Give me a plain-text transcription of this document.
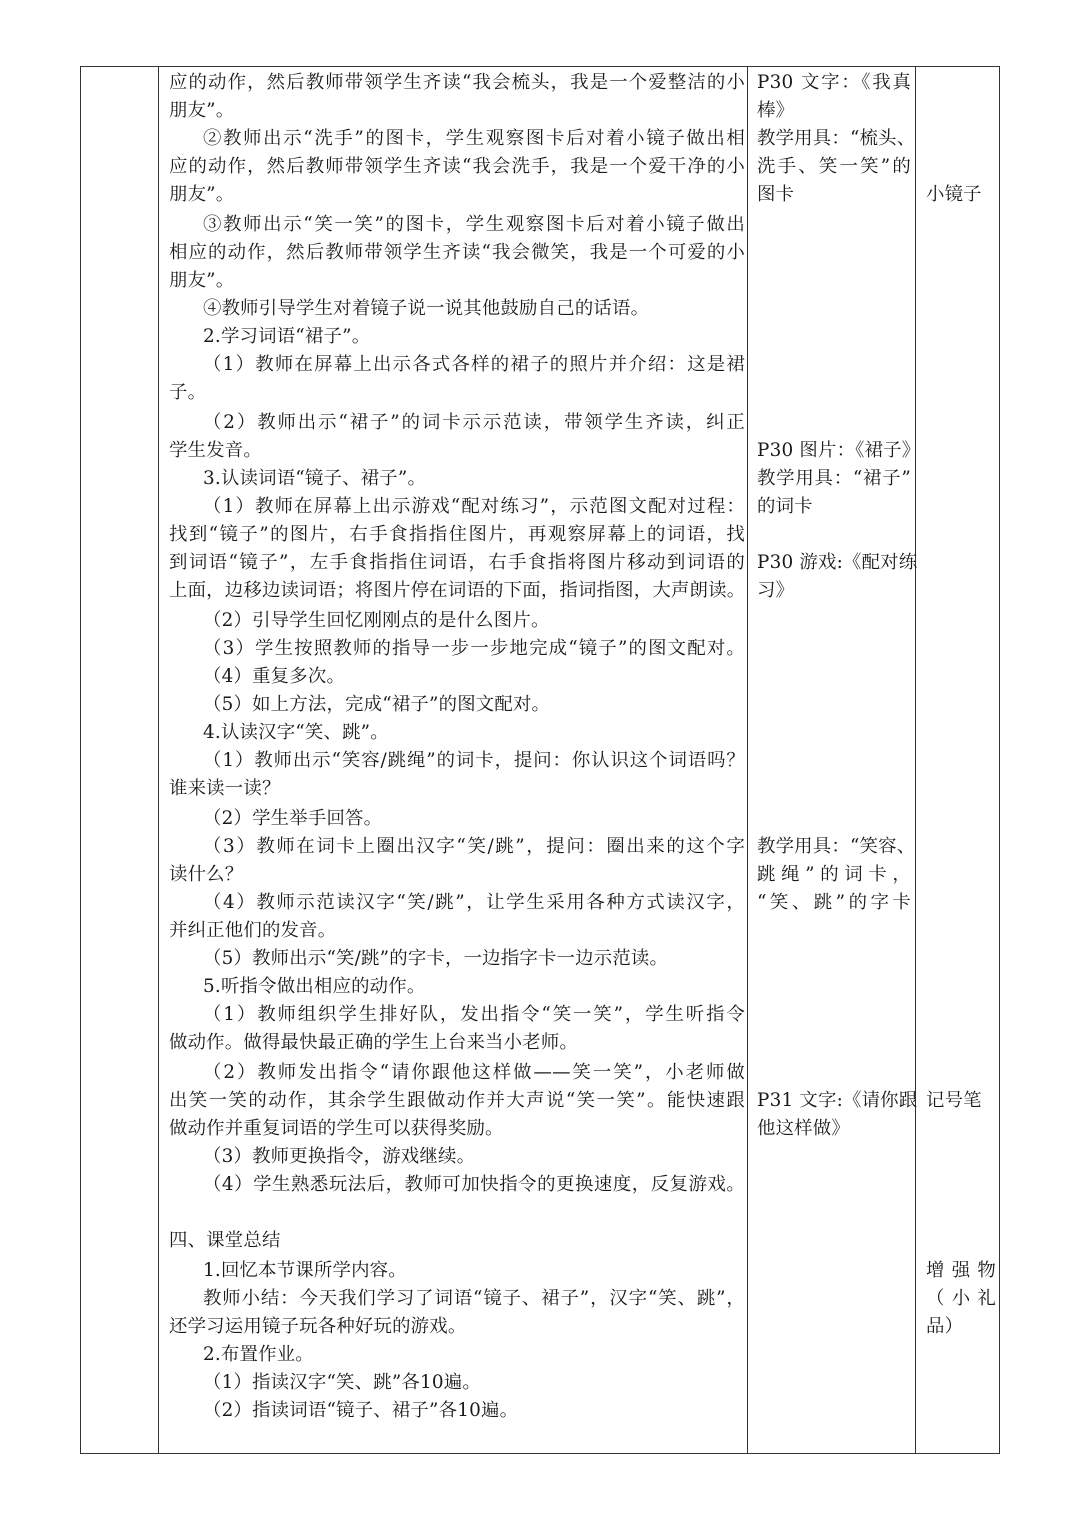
应的动作，然后教师带领学生齐读“我会梳头，我是一个爱整洁的小
朋友”。
②教师出示“洗手”的图卡，学生观察图卡后对着小镜子做出相
应的动作，然后教师带领学生齐读“我会洗手，我是一个爱干净的小
朋友”。
③教师出示“笑一笑”的图卡，学生观察图卡后对着小镜子做出
相应的动作，然后教师带领学生齐读“我会微笑，我是一个可爱的小
朋友”。
④教师引导学生对着镜子说一说其他鼓励自己的话语。
2.学习词语“裙子”。
（1）教师在屏幕上出示各式各样的裙子的照片并介绍：这是裙
子。
（2）教师出示“裙子”的词卡示示范读，带领学生齐读，纠正
学生发音。
3.认读词语“镜子、裙子”。
（1）教师在屏幕上出示游戏“配对练习”，示范图文配对过程：
找到“镜子”的图片，右手食指指住图片，再观察屏幕上的词语，找
到词语“镜子”，左手食指指住词语，右手食指将图片移动到词语的
上面，边移边读词语；将图片停在词语的下面，指词指图，大声朗读。
（2）引导学生回忆刚刚点的是什么图片。
（3）学生按照教师的指导一步一步地完成“镜子”的图文配对。
（4）重复多次。
（5）如上方法，完成“裙子”的图文配对。
4.认读汉字“笑、跳”。
（1）教师出示“笑容/跳绳”的词卡，提问：你认识这个词语吗？
谁来读一读？
（2）学生举手回答。
（3）教师在词卡上圈出汉字“笑/跳”，提问：圈出来的这个字
读什么？
（4）教师示范读汉字“笑/跳”，让学生采用各种方式读汉字，
并纠正他们的发音。
（5）教师出示“笑/跳”的字卡，一边指字卡一边示范读。
5.听指令做出相应的动作。
（1）教师组织学生排好队，发出指令“笑一笑”，学生听指令
做动作。做得最快最正确的学生上台来当小老师。
（2）教师发出指令“请你跟他这样做——笑一笑”，小老师做
出笑一笑的动作，其余学生跟做动作并大声说“笑一笑”。能快速跟
做动作并重复词语的学生可以获得奖励。
（3）教师更换指令，游戏继续。
（4）学生熟悉玩法后，教师可加快指令的更换速度，反复游戏。
四、课堂总结
1.回忆本节课所学内容。
教师小结：今天我们学习了词语“镜子、裙子”，汉字“笑、跳”，
还学习运用镜子玩各种好玩的游戏。
2.布置作业。
（1）指读汉字“笑、跳”各10遍。
（2）指读词语“镜子、裙子”各10遍。
P30 文字：《我真
棒》
教学用具：“梳头、
洗手、笑一笑”的
图卡
P30 图片：《裙子》
教学用具：“裙子”
的词卡
P30 游戏:《配对练
习》
教学用具：“笑容、
跳绳”的词卡，
“笑、跳”的字卡
P31 文字:《请你跟
他这样做》
小镜子
记号笔
增强物
（小礼
品）
